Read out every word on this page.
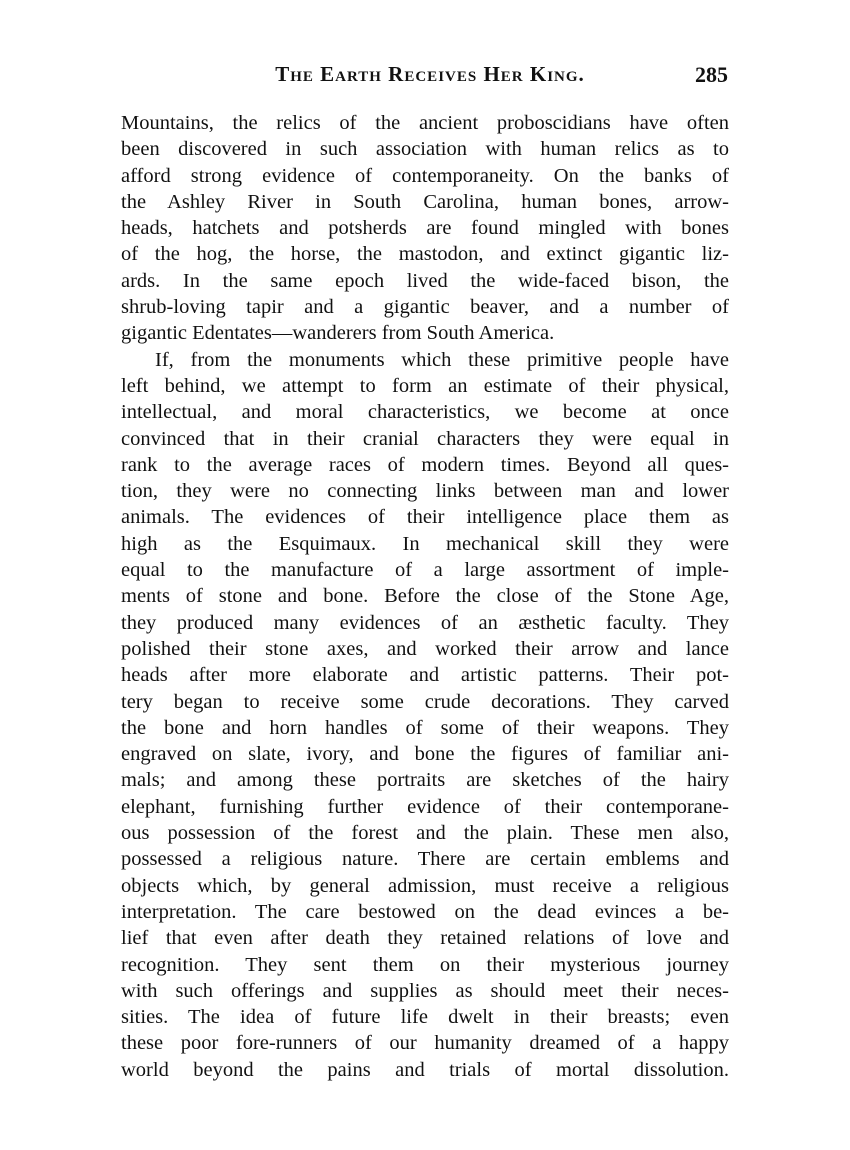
The Earth Receives Her King.	285
Mountains, the relics of the ancient proboscidians have often
been discovered in such association with human relics as to
afford strong evidence of contemporaneity. On the banks of
the Ashley River in South Carolina, human bones, arrow-
heads, hatchets and potsherds are found mingled with bones
of the hog, the horse, the mastodon, and extinct gigantic liz-
ards. In the same epoch lived the wide-faced bison, the
shrub-loving tapir and a gigantic beaver, and a number of
gigantic Edentates—wanderers from South America.
If, from the monuments which these primitive people have
left behind, we attempt to form an estimate of their physical,
intellectual, and moral characteristics, we become at once
convinced that in their cranial characters they were equal in
rank to the average races of modern times. Beyond all ques-
tion, they were no connecting links between man and lower
animals. The evidences of their intelligence place them as
high as the Esquimaux. In mechanical skill they were
equal to the manufacture of a large assortment of imple-
ments of stone and bone. Before the close of the Stone Age,
they produced many evidences of an æsthetic faculty. They
polished their stone axes, and worked their arrow and lance
heads after more elaborate and artistic patterns. Their pot-
tery began to receive some crude decorations. They carved
the bone and horn handles of some of their weapons. They
engraved on slate, ivory, and bone the figures of familiar ani-
mals; and among these portraits are sketches of the hairy
elephant, furnishing further evidence of their contemporane-
ous possession of the forest and the plain. These men also,
possessed a religious nature. There are certain emblems and
objects which, by general admission, must receive a religious
interpretation. The care bestowed on the dead evinces a be-
lief that even after death they retained relations of love and
recognition. They sent them on their mysterious journey
with such offerings and supplies as should meet their neces-
sities. The idea of future life dwelt in their breasts; even
these poor fore-runners of our humanity dreamed of a happy
world beyond the pains and trials of mortal dissolution.
